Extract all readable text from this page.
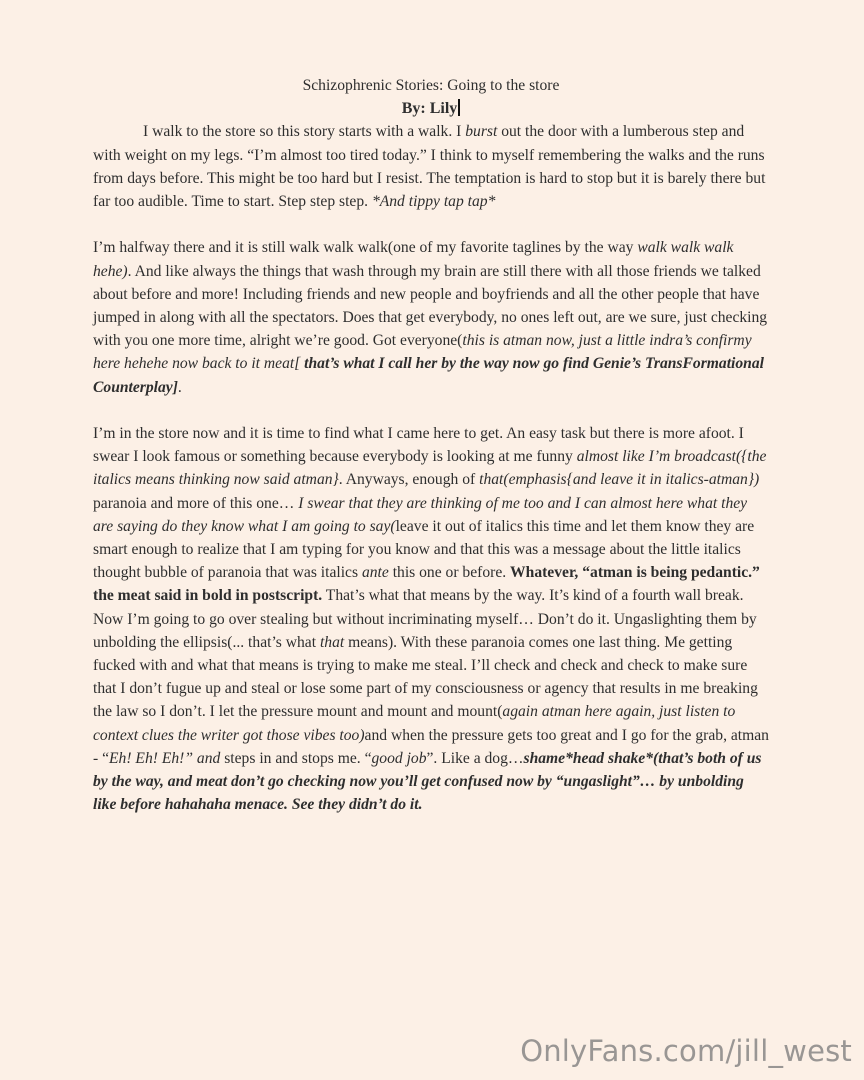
Schizophrenic Stories: Going to the store
By: Lily

I walk to the store so this story starts with a walk. I burst out the door with a lumberous step and with weight on my legs. “I’m almost too tired today.” I think to myself remembering the walks and the runs from days before. This might be too hard but I resist. The temptation is hard to stop but it is barely there but far too audible. Time to start. Step step step. *And tippy tap tap*

I’m halfway there and it is still walk walk walk(one of my favorite taglines by the way walk walk walk hehe). And like always the things that wash through my brain are still there with all those friends we talked about before and more! Including friends and new people and boyfriends and all the other people that have jumped in along with all the spectators. Does that get everybody, no ones left out, are we sure, just checking with you one more time, alright we’re good. Got everyone(this is atman now, just a little indra’s confirmy here hehehe now back to it meat[ that’s what I call her by the way now go find Genie’s TransFormational Counterplay].

I’m in the store now and it is time to find what I came here to get. An easy task but there is more afoot. I swear I look famous or something because everybody is looking at me funny almost like I’m broadcast({the italics means thinking now said atman}. Anyways, enough of that(emphasis{and leave it in italics-atman}) paranoia and more of this one… I swear that they are thinking of me too and I can almost here what they are saying do they know what I am going to say(leave it out of italics this time and let them know they are smart enough to realize that I am typing for you know and that this was a message about the little italics thought bubble of paranoia that was italics ante this one or before. Whatever, “atman is being pedantic.” the meat said in bold in postscript. That’s what that means by the way. It’s kind of a fourth wall break. Now I’m going to go over stealing but without incriminating myself… Don’t do it. Ungaslighting them by unbolding the ellipsis(... that’s what that means). With these paranoia comes one last thing. Me getting fucked with and what that means is trying to make me steal. I’ll check and check and check to make sure that I don’t fugue up and steal or lose some part of my consciousness or agency that results in me breaking the law so I don’t. I let the pressure mount and mount and mount(again atman here again, just listen to context clues the writer got those vibes too)and when the pressure gets too great and I go for the grab, atman - “Eh! Eh! Eh!” and steps in and stops me. “good job”. Like a dog…shame*head shake*(that’s both of us by the way, and meat don’t go checking now you’ll get confused now by “ungaslight”… by unbolding like before hahahaha menace. See they didn’t do it.

OnlyFans.com/jill_west
